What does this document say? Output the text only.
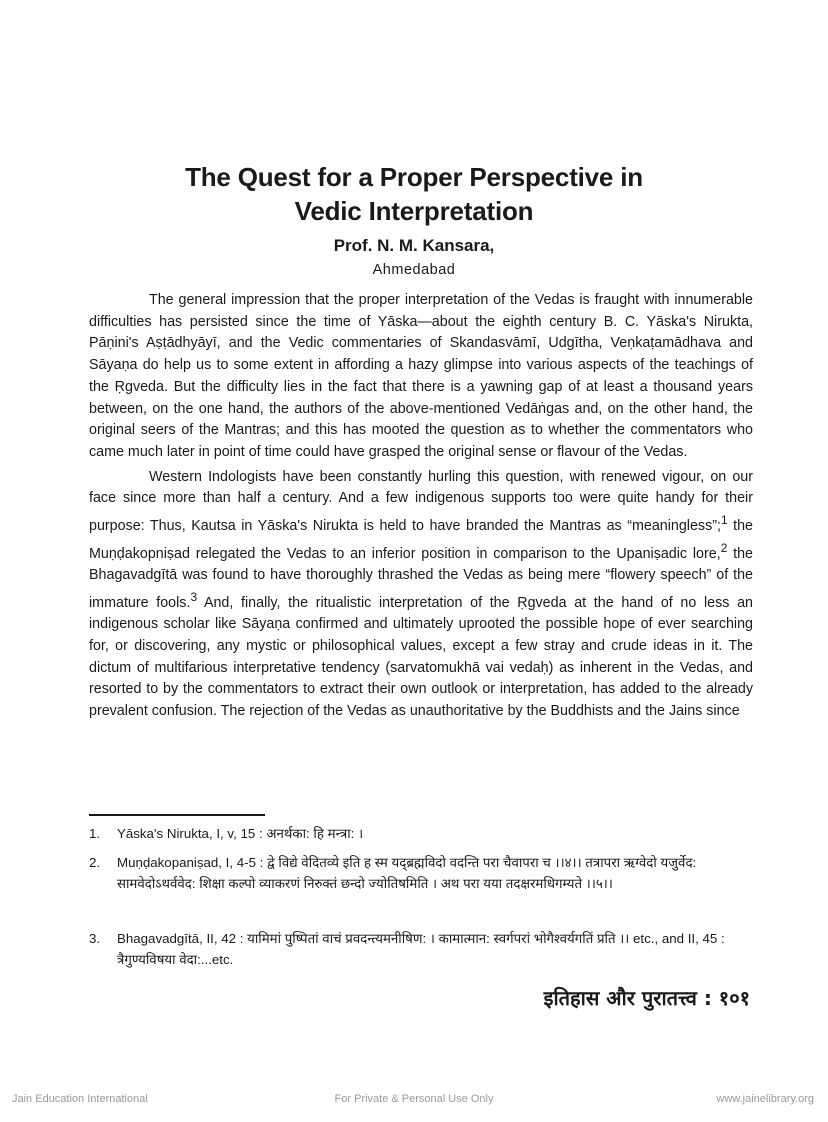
The Quest for a Proper Perspective in
Vedic Interpretation
Prof. N. M. Kansara,
Ahmedabad

The general impression that the proper interpretation of the Vedas is fraught with innumerable difficulties has persisted since the time of Yāska—about the eighth century B. C. Yāska's Nirukta, Pāṇini's Aṣṭādhyāyī, and the Vedic commentaries of Skandasvāmī, Udgītha, Veṇkaṭamādhava and Sāyaṇa do help us to some extent in affording a hazy glimpse into various aspects of the teachings of the Ṛgveda. But the difficulty lies in the fact that there is a yawning gap of at least a thousand years between, on the one hand, the authors of the above-mentioned Vedāṅgas and, on the other hand, the original seers of the Mantras; and this has mooted the question as to whether the commentators who came much later in point of time could have grasped the original sense or flavour of the Vedas.

Western Indologists have been constantly hurling this question, with renewed vigour, on our face since more than half a century. And a few indigenous supports too were quite handy for their purpose: Thus, Kautsa in Yāska's Nirukta is held to have branded the Mantras as “meaningless”;$^1$ the Muṇḍakopniṣad relegated the Vedas to an inferior position in comparison to the Upaniṣadic lore,$^2$ the Bhagavadgītā was found to have thoroughly thrashed the Vedas as being mere “flowery speech” of the immature fools.$^3$ And, finally, the ritualistic interpretation of the Ṛgveda at the hand of no less an indigenous scholar like Sāyaṇa confirmed and ultimately uprooted the possible hope of ever searching for, or discovering, any mystic or philosophical values, except a few stray and crude ideas in it. The dictum of multifarious interpretative tendency (sarvatomukhā vai vedaḥ) as inherent in the Vedas, and resorted to by the commentators to extract their own outlook or interpretation, has added to the already prevalent confusion. The rejection of the Vedas as unauthoritative by the Buddhists and the Jains since

1. Yāska's Nirukta, I, v, 15 : अनर्थका: हि मन्त्रा: ।
2. Muṇḍakopaniṣad, I, 4-5 : द्वे विद्ये वेदितव्ये इति ह स्म यद्ब्रह्मविदो वदन्ति परा चैवापरा च ।।४।। तत्रापरा ऋग्वेदो यजुर्वेद: सामवेदोऽथर्ववेद: शिक्षा कल्पो व्याकरणं निरुक्तं छन्दो ज्योतिषमिति । अथ परा यया तदक्षरमधिगम्यते ।।५।।
3. Bhagavadgītā, II, 42 : यामिमां पुष्पितां वाचं प्रवदन्त्यमनीषिण: । कामात्मान: स्वर्गपरां भोगैश्वर्यगतिं प्रति ।। etc., and II, 45 : त्रैगुण्यविषया वेदा:...etc.
इतिहास और पुरातत्त्व : १०१
Jain Education International	For Private & Personal Use Only	www.jainelibrary.org
